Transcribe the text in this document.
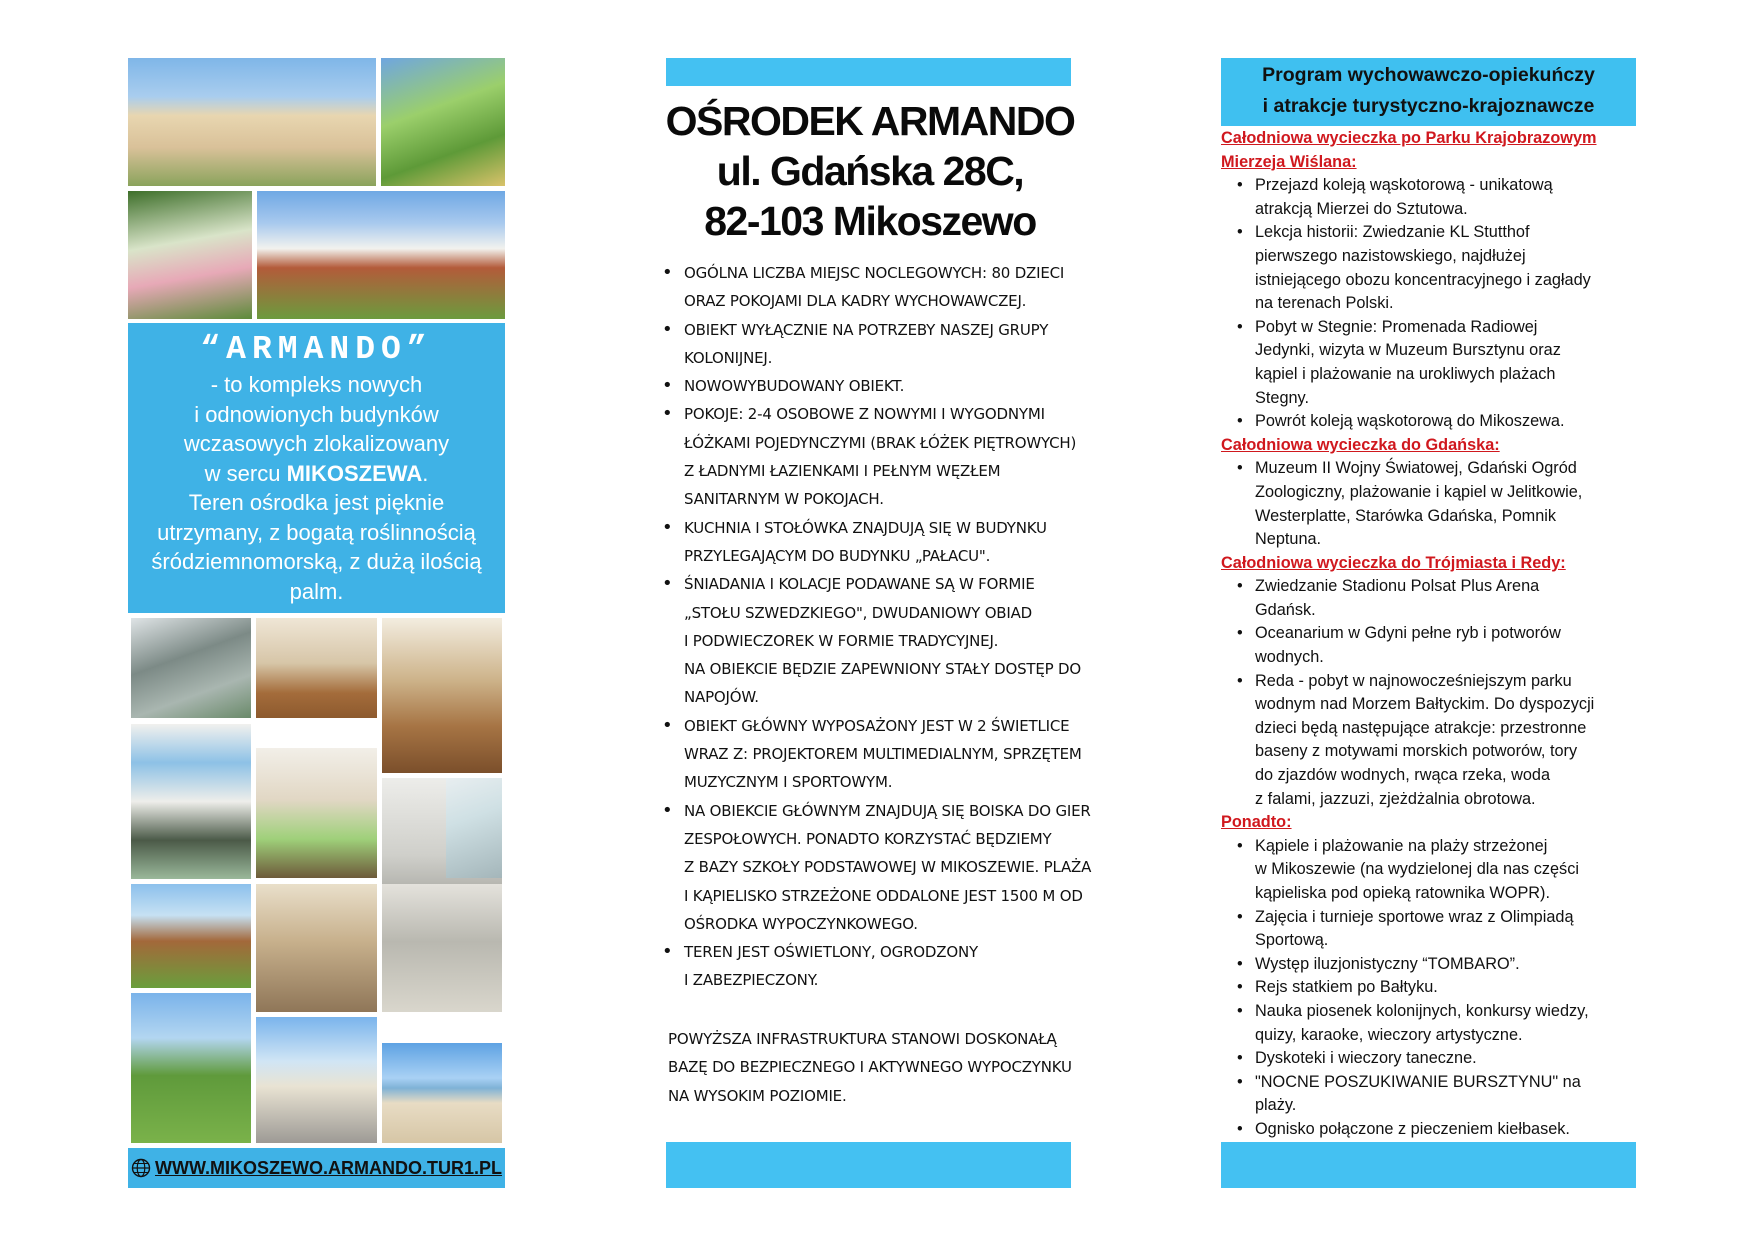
“ARMANDO”
- to kompleks nowych
i odnowionych budynków
wczasowych zlokalizowany
w sercu MIKOSZEWA.
Teren ośrodka jest pięknie
utrzymany, z bogatą roślinnością
śródziemnomorską, z dużą ilością
palm.
WWW.MIKOSZEWO.ARMANDO.TUR1.PL
OŚRODEK ARMANDO
ul. Gdańska 28C,
82-103 Mikoszewo
• OGÓLNA LICZBA MIEJSC NOCLEGOWYCH: 80 DZIECI
ORAZ POKOJAMI DLA KADRY WYCHOWAWCZEJ.
• OBIEKT WYŁĄCZNIE NA POTRZEBY NASZEJ GRUPY
KOLONIJNEJ.
• NOWOWYBUDOWANY OBIEKT.
• POKOJE: 2-4 OSOBOWE Z NOWYMI I WYGODNYMI
ŁÓŻKAMI POJEDYNCZYMI (BRAK ŁÓŻEK PIĘTROWYCH)
Z ŁADNYMI ŁAZIENKAMI I PEŁNYM WĘZŁEM
SANITARNYM W POKOJACH.
• KUCHNIA I STOŁÓWKA ZNAJDUJĄ SIĘ W BUDYNKU
PRZYLEGAJĄCYM DO BUDYNKU „PAŁACU".
• ŚNIADANIA I KOLACJE PODAWANE SĄ W FORMIE
„STOŁU SZWEDZKIEGO", DWUDANIOWY OBIAD
I PODWIECZOREK W FORMIE TRADYCYJNEJ.
NA OBIEKCIE BĘDZIE ZAPEWNIONY STAŁY DOSTĘP DO
NAPOJÓW.
• OBIEKT GŁÓWNY WYPOSAŻONY JEST W 2 ŚWIETLICE
WRAZ Z: PROJEKTOREM MULTIMEDIALNYM, SPRZĘTEM
MUZYCZNYM I SPORTOWYM.
• NA OBIEKCIE GŁÓWNYM ZNAJDUJĄ SIĘ BOISKA DO GIER
ZESPOŁOWYCH. PONADTO KORZYSTAĆ BĘDZIEMY
Z BAZY SZKOŁY PODSTAWOWEJ W MIKOSZEWIE. PLAŻA
I KĄPIELISKO STRZEŻONE ODDALONE JEST 1500 M OD
OŚRODKA WYPOCZYNKOWEGO.
• TEREN JEST OŚWIETLONY, OGRODZONY
I ZABEZPIECZONY.
POWYŻSZA INFRASTRUKTURA STANOWI DOSKONAŁĄ
BAZĘ DO BEZPIECZNEGO I AKTYWNEGO WYPOCZYNKU
NA WYSOKIM POZIOMIE.
Program wychowawczo-opiekuńczy
i atrakcje turystyczno-krajoznawcze
Całodniowa wycieczka po Parku Krajobrazowym
Mierzeja Wiślana:
• Przejazd koleją wąskotorową - unikatową
atrakcją Mierzei do Sztutowa.
• Lekcja historii: Zwiedzanie KL Stutthof
pierwszego nazistowskiego, najdłużej
istniejącego obozu koncentracyjnego i zagłady
na terenach Polski.
• Pobyt w Stegnie: Promenada Radiowej
Jedynki, wizyta w Muzeum Bursztynu oraz
kąpiel i plażowanie na urokliwych plażach
Stegny.
• Powrót koleją wąskotorową do Mikoszewa.
Całodniowa wycieczka do Gdańska:
• Muzeum II Wojny Światowej, Gdański Ogród
Zoologiczny, plażowanie i kąpiel w Jelitkowie,
Westerplatte, Starówka Gdańska, Pomnik
Neptuna.
Całodniowa wycieczka do Trójmiasta i Redy:
• Zwiedzanie Stadionu Polsat Plus Arena
Gdańsk.
• Oceanarium w Gdyni pełne ryb i potworów
wodnych.
• Reda - pobyt w najnowocześniejszym parku
wodnym nad Morzem Bałtyckim. Do dyspozycji
dzieci będą następujące atrakcje: przestronne
baseny z motywami morskich potworów, tory
do zjazdów wodnych, rwąca rzeka, woda
z falami, jazzuzi, zjeżdżalnia obrotowa.
Ponadto:
• Kąpiele i plażowanie na plaży strzeżonej
w Mikoszewie (na wydzielonej dla nas części
kąpieliska pod opieką ratownika WOPR).
• Zajęcia i turnieje sportowe wraz z Olimpiadą
Sportową.
• Występ iluzjonistyczny “TOMBARO”.
• Rejs statkiem po Bałtyku.
• Nauka piosenek kolonijnych, konkursy wiedzy,
quizy, karaoke, wieczory artystyczne.
• Dyskoteki i wieczory taneczne.
• "NOCNE POSZUKIWANIE BURSZTYNU" na
plaży.
• Ognisko połączone z pieczeniem kiełbasek.
